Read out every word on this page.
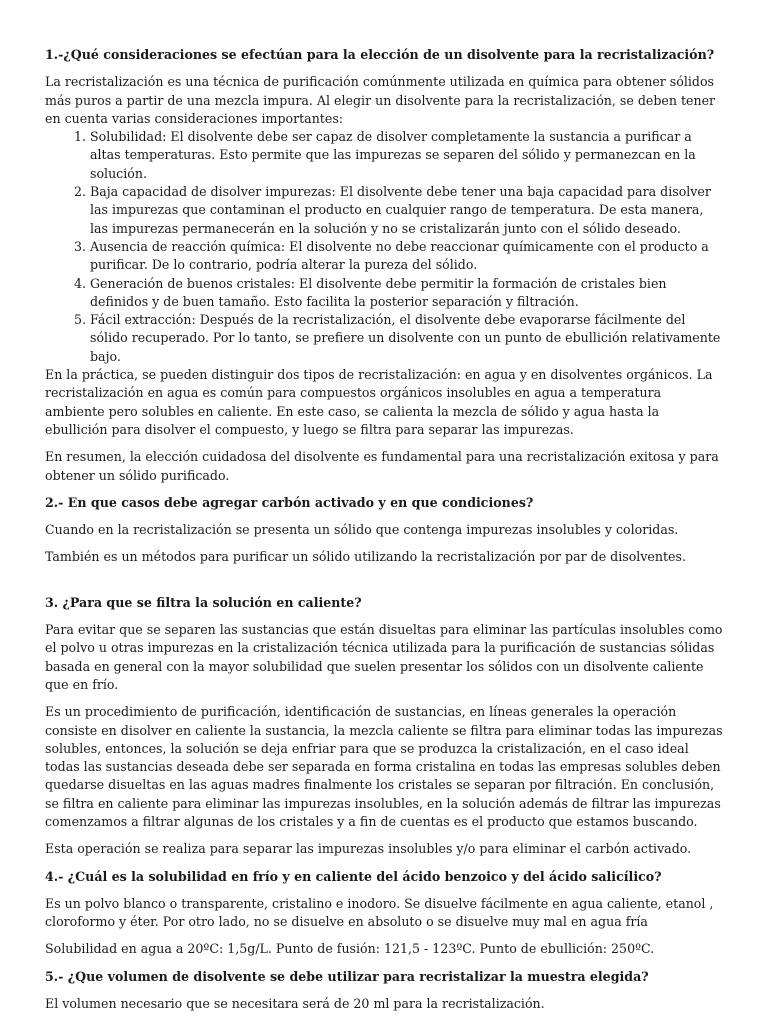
1.-¿Qué consideraciones se efectúan para la elección de un disolvente para la recristalización?

La recristalización es una técnica de purificación comúnmente utilizada en química para obtener sólidos más puros a partir de una mezcla impura. Al elegir un disolvente para la recristalización, se deben tener en cuenta varias consideraciones importantes:

1. Solubilidad: El disolvente debe ser capaz de disolver completamente la sustancia a purificar a altas temperaturas. Esto permite que las impurezas se separen del sólido y permanezcan en la solución.
2. Baja capacidad de disolver impurezas: El disolvente debe tener una baja capacidad para disolver las impurezas que contaminan el producto en cualquier rango de temperatura. De esta manera, las impurezas permanecerán en la solución y no se cristalizarán junto con el sólido deseado.
3. Ausencia de reacción química: El disolvente no debe reaccionar químicamente con el producto a purificar. De lo contrario, podría alterar la pureza del sólido.
4. Generación de buenos cristales: El disolvente debe permitir la formación de cristales bien definidos y de buen tamaño. Esto facilita la posterior separación y filtración.
5. Fácil extracción: Después de la recristalización, el disolvente debe evaporarse fácilmente del sólido recuperado. Por lo tanto, se prefiere un disolvente con un punto de ebullición relativamente bajo.

En la práctica, se pueden distinguir dos tipos de recristalización: en agua y en disolventes orgánicos. La recristalización en agua es común para compuestos orgánicos insolubles en agua a temperatura ambiente pero solubles en caliente. En este caso, se calienta la mezcla de sólido y agua hasta la ebullición para disolver el compuesto, y luego se filtra para separar las impurezas.

En resumen, la elección cuidadosa del disolvente es fundamental para una recristalización exitosa y para obtener un sólido purificado.

2.- En que casos debe agregar carbón activado y en que condiciones?

Cuando en la recristalización se presenta un sólido que contenga impurezas insolubles y coloridas.

También es un métodos para purificar un sólido utilizando la recristalización por par de disolventes.

3. ¿Para que se filtra la solución en caliente?

Para evitar que se separen las sustancias que están disueltas para eliminar las partículas insolubles como el polvo u otras impurezas en la cristalización técnica utilizada para la purificación de sustancias sólidas basada en general con la mayor solubilidad que suelen presentar los sólidos con un disolvente caliente que en frío.

Es un procedimiento de purificación, identificación de sustancias, en líneas generales la operación consiste en disolver en caliente la sustancia, la mezcla caliente se filtra para eliminar todas las impurezas solubles, entonces, la solución se deja enfriar para que se produzca la cristalización, en el caso ideal todas las sustancias deseada debe ser separada en forma cristalina en todas las empresas solubles deben quedarse disueltas en las aguas madres finalmente los cristales se separan por filtración. En conclusión, se filtra en caliente para eliminar las impurezas insolubles, en la solución además de filtrar las impurezas comenzamos a filtrar algunas de los cristales y a fin de cuentas es el producto que estamos buscando.

Esta operación se realiza para separar las impurezas insolubles y/o para eliminar el carbón activado.

4.- ¿Cuál es la solubilidad en frío y en caliente del ácido benzoico y del ácido salicílico?

Es un polvo blanco o transparente, cristalino e inodoro. Se disuelve fácilmente en agua caliente, etanol , cloroformo y éter. Por otro lado, no se disuelve en absoluto o se disuelve muy mal en agua fría

Solubilidad en agua a 20ºC: 1,5g/L. Punto de fusión: 121,5 - 123ºC. Punto de ebullición: 250ºC.

5.- ¿Que volumen de disolvente se debe utilizar para recristalizar la muestra elegida?

El volumen necesario que se necesitara será de 20 ml para la recristalización.
